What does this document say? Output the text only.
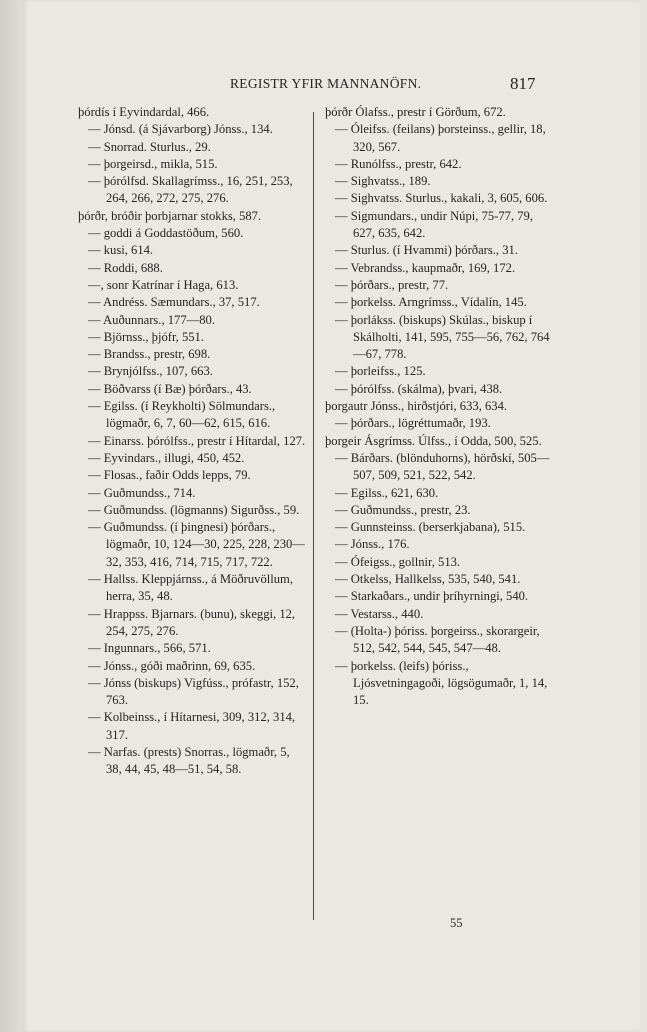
REGISTR YFIR MANNANÖFN.	817
þórdís í Eyvindardal, 466.
— Jónsd. (á Sjávarborg) Jónss., 134.
— Snorrad. Sturlus., 29.
— þorgeirsd., mikla, 515.
— þórólfsd. Skallagrímss., 16, 251, 253, 264, 266, 272, 275, 276.
þórðr, bróðir þorbjarnar stokks, 587.
— goddi á Goddastöðum, 560.
— kusi, 614.
— Roddi, 688.
—, sonr Katrínar í Haga, 613.
— Andréss. Sæmundars., 37, 517.
— Auðunnars., 177—80.
— Björnss., þjófr, 551.
— Brandss., prestr, 698.
— Brynjólfss., 107, 663.
— Böðvarss (í Bæ) þórðars., 43.
— Egilss. (í Reykholti) Sölmundars., lögmaðr, 6, 7, 60—62, 615, 616.
— Einarss. þórólfss., prestr í Hítardal, 127.
— Eyvindars., illugi, 450, 452.
— Flosas., faðir Odds lepps, 79.
— Guðmundss., 714.
— Guðmundss. (lögmanns) Sigurðss., 59.
— Guðmundss. (í þingnesi) þórðars., lögmaðr, 10, 124—30, 225, 228, 230—32, 353, 416, 714, 715, 717, 722.
— Hallss. Kleppjárnss., á Möðruvöllum, herra, 35, 48.
— Hrappss. Bjarnars. (bunu), skeggi, 12, 254, 275, 276.
— Ingunnars., 566, 571.
— Jónss., góði maðrinn, 69, 635.
— Jónss (biskups) Vigfúss., prófastr, 152, 763.
— Kolbeinss., í Hítarnesi, 309, 312, 314, 317.
— Narfas. (prests) Snorras., lögmaðr, 5, 38, 44, 45, 48—51, 54, 58.
þórðr Ólafss., prestr í Görðum, 672.
— Óleifss. (feilans) þorsteinss., gellir, 18, 320, 567.
— Runólfss., prestr, 642.
— Sighvatss., 189.
— Sighvatss. Sturlus., kakali, 3, 605, 606.
— Sigmundars., undir Núpi, 75-77, 79, 627, 635, 642.
— Sturlus. (í Hvammi) þórðars., 31.
— Vebrandss., kaupmaðr, 169, 172.
— þórðars., prestr, 77.
— þorkelss. Arngrímss., Vídalín, 145.
— þorlákss. (biskups) Skúlas., biskup í Skálholti, 141, 595, 755—56, 762, 764—67, 778.
— þorleifss., 125.
— þórólfss. (skálma), þvari, 438.
þorgautr Jónss., hirðstjóri, 633, 634.
— þórðars., lögréttumaðr, 193.
þorgeir Ásgrímss. Úlfss., í Odda, 500, 525.
— Bárðars. (blönduhorns), hörðskí, 505—507, 509, 521, 522, 542.
— Egilss., 621, 630.
— Guðmundss., prestr, 23.
— Gunnsteinss. (berserkjabana), 515.
— Jónss., 176.
— Ófeigss., gollnir, 513.
— Otkelss, Hallkelss, 535, 540, 541.
— Starkaðars., undir þríhyrningi, 540.
— Vestarss., 440.
— (Holta-) þóriss. þorgeirss., skorargeir, 512, 542, 544, 545, 547—48.
— þorkelss. (leifs) þóriss., Ljósvetningagoði, lögsögumaðr, 1, 14, 15.
55
